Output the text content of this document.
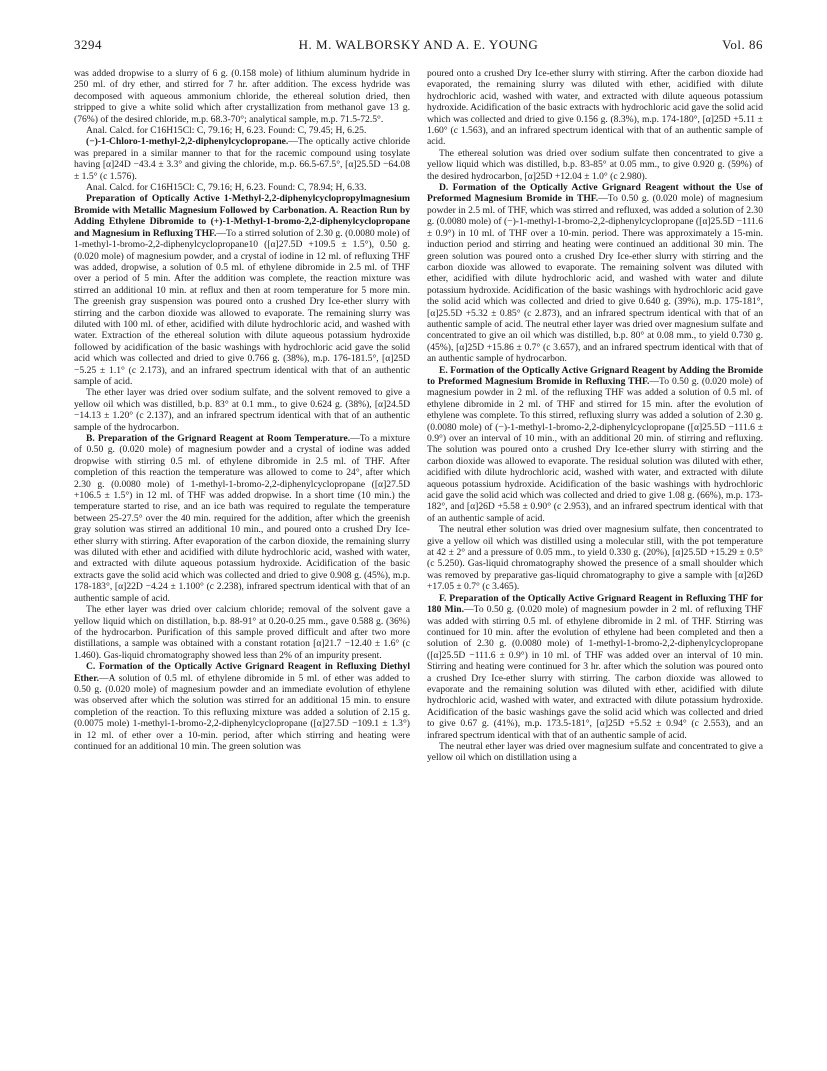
3294	H. M. WALBORSKY AND A. E. YOUNG	Vol. 86

was added dropwise to a slurry of 6 g. (0.158 mole) of lithium aluminum hydride in 250 ml. of dry ether, and stirred for 7 hr. after addition. The excess hydride was decomposed with aqueous ammonium chloride, the ethereal solution dried, then stripped to give a white solid which after crystallization from methanol gave 13 g. (76%) of the desired chloride, m.p. 68.3-70°; analytical sample, m.p. 71.5-72.5°.

Anal. Calcd. for C16H15Cl: C, 79.16; H, 6.23. Found: C, 79.45; H, 6.25.

(−)-1-Chloro-1-methyl-2,2-diphenylcyclopropane.—The optically active chloride was prepared in a similar manner to that for the racemic compound using tosylate having [α]24D −43.4 ± 3.3° and giving the chloride, m.p. 66.5-67.5°, [α]25.5D −64.08 ± 1.5° (c 1.576).

Anal. Calcd. for C16H15Cl: C, 79.16; H, 6.23. Found: C, 78.94; H, 6.33.

Preparation of Optically Active 1-Methyl-2,2-diphenylcyclopropylmagnesium Bromide with Metallic Magnesium Followed by Carbonation. A. Reaction Run by Adding Ethylene Dibromide to (+)-1-Methyl-1-bromo-2,2-diphenylcyclopropane and Magnesium in Refluxing THF.—To a stirred solution of 2.30 g. (0.0080 mole) of 1-methyl-1-bromo-2,2-diphenylcyclopropane10 ([α]27.5D +109.5 ± 1.5°), 0.50 g. (0.020 mole) of magnesium powder, and a crystal of iodine in 12 ml. of refluxing THF was added, dropwise, a solution of 0.5 ml. of ethylene dibromide in 2.5 ml. of THF over a period of 5 min. After the addition was complete, the reaction mixture was stirred an additional 10 min. at reflux and then at room temperature for 5 more min. The greenish gray suspension was poured onto a crushed Dry Ice-ether slurry with stirring and the carbon dioxide was allowed to evaporate. The remaining slurry was diluted with 100 ml. of ether, acidified with dilute hydrochloric acid, and washed with water. Extraction of the ethereal solution with dilute aqueous potassium hydroxide followed by acidification of the basic washings with hydrochloric acid gave the solid acid which was collected and dried to give 0.766 g. (38%), m.p. 176-181.5°, [α]25D −5.25 ± 1.1° (c 2.173), and an infrared spectrum identical with that of an authentic sample of acid.

The ether layer was dried over sodium sulfate, and the solvent removed to give a yellow oil which was distilled, b.p. 83° at 0.1 mm., to give 0.624 g. (38%), [α]24.5D −14.13 ± 1.20° (c 2.137), and an infrared spectrum identical with that of an authentic sample of the hydrocarbon.

B. Preparation of the Grignard Reagent at Room Temperature.—To a mixture of 0.50 g. (0.020 mole) of magnesium powder and a crystal of iodine was added dropwise with stirring 0.5 ml. of ethylene dibromide in 2.5 ml. of THF. After completion of this reaction the temperature was allowed to come to 24°, after which 2.30 g. (0.0080 mole) of 1-methyl-1-bromo-2,2-diphenylcyclopropane ([α]27.5D +106.5 ± 1.5°) in 12 ml. of THF was added dropwise. In a short time (10 min.) the temperature started to rise, and an ice bath was required to regulate the temperature between 25-27.5° over the 40 min. required for the addition, after which the greenish gray solution was stirred an additional 10 min., and poured onto a crushed Dry Ice-ether slurry with stirring. After evaporation of the carbon dioxide, the remaining slurry was diluted with ether and acidified with dilute hydrochloric acid, washed with water, and extracted with dilute aqueous potassium hydroxide. Acidification of the basic extracts gave the solid acid which was collected and dried to give 0.908 g. (45%), m.p. 178-183°, [α]22D −4.24 ± 1.100° (c 2.238), infrared spectrum identical with that of an authentic sample of acid.

The ether layer was dried over calcium chloride; removal of the solvent gave a yellow liquid which on distillation, b.p. 88-91° at 0.20-0.25 mm., gave 0.588 g. (36%) of the hydrocarbon. Purification of this sample proved difficult and after two more distillations, a sample was obtained with a constant rotation [α]21.7 −12.40 ± 1.6° (c 1.460). Gas-liquid chromatography showed less than 2% of an impurity present.

C. Formation of the Optically Active Grignard Reagent in Refluxing Diethyl Ether.—A solution of 0.5 ml. of ethylene dibromide in 5 ml. of ether was added to 0.50 g. (0.020 mole) of magnesium powder and an immediate evolution of ethylene was observed after which the solution was stirred for an additional 15 min. to ensure completion of the reaction. To this refluxing mixture was added a solution of 2.15 g. (0.0075 mole) 1-methyl-1-bromo-2,2-diphenylcyclopropane ([α]27.5D −109.1 ± 1.3°) in 12 ml. of ether over a 10-min. period, after which stirring and heating were continued for an additional 10 min. The green solution was

poured onto a crushed Dry Ice-ether slurry with stirring. After the carbon dioxide had evaporated, the remaining slurry was diluted with ether, acidified with dilute hydrochloric acid, washed with water, and extracted with dilute aqueous potassium hydroxide. Acidification of the basic extracts with hydrochloric acid gave the solid acid which was collected and dried to give 0.156 g. (8.3%), m.p. 174-180°, [α]25D +5.11 ± 1.60° (c 1.563), and an infrared spectrum identical with that of an authentic sample of acid.

The ethereal solution was dried over sodium sulfate then concentrated to give a yellow liquid which was distilled, b.p. 83-85° at 0.05 mm., to give 0.920 g. (59%) of the desired hydrocarbon, [α]25D +12.04 ± 1.0° (c 2.980).

D. Formation of the Optically Active Grignard Reagent without the Use of Preformed Magnesium Bromide in THF.—To 0.50 g. (0.020 mole) of magnesium powder in 2.5 ml. of THF, which was stirred and refluxed, was added a solution of 2.30 g. (0.0080 mole) of (−)-1-methyl-1-bromo-2,2-diphenylcyclopropane ([α]25.5D −111.6 ± 0.9°) in 10 ml. of THF over a 10-min. period. There was approximately a 15-min. induction period and stirring and heating were continued an additional 30 min. The green solution was poured onto a crushed Dry Ice-ether slurry with stirring and the carbon dioxide was allowed to evaporate. The remaining solvent was diluted with ether, acidified with dilute hydrochloric acid, and washed with water and dilute potassium hydroxide. Acidification of the basic washings with hydrochloric acid gave the solid acid which was collected and dried to give 0.640 g. (39%), m.p. 175-181°, [α]25.5D +5.32 ± 0.85° (c 2.873), and an infrared spectrum identical with that of an authentic sample of acid. The neutral ether layer was dried over magnesium sulfate and concentrated to give an oil which was distilled, b.p. 80° at 0.08 mm., to yield 0.730 g. (45%), [α]25D +15.86 ± 0.7° (c 3.657), and an infrared spectrum identical with that of an authentic sample of hydrocarbon.

E. Formation of the Optically Active Grignard Reagent by Adding the Bromide to Preformed Magnesium Bromide in Refluxing THF.—To 0.50 g. (0.020 mole) of magnesium powder in 2 ml. of the refluxing THF was added a solution of 0.5 ml. of ethylene dibromide in 2 ml. of THF and stirred for 15 min. after the evolution of ethylene was complete. To this stirred, refluxing slurry was added a solution of 2.30 g. (0.0080 mole) of (−)-1-methyl-1-bromo-2,2-diphenylcyclopropane ([α]25.5D −111.6 ± 0.9°) over an interval of 10 min., with an additional 20 min. of stirring and refluxing. The solution was poured onto a crushed Dry Ice-ether slurry with stirring and the carbon dioxide was allowed to evaporate. The residual solution was diluted with ether, acidified with dilute hydrochloric acid, washed with water, and extracted with dilute aqueous potassium hydroxide. Acidification of the basic washings with hydrochloric acid gave the solid acid which was collected and dried to give 1.08 g. (66%), m.p. 173-182°, and [α]26D +5.58 ± 0.90° (c 2.953), and an infrared spectrum identical with that of an authentic sample of acid.

The neutral ether solution was dried over magnesium sulfate, then concentrated to give a yellow oil which was distilled using a molecular still, with the pot temperature at 42 ± 2° and a pressure of 0.05 mm., to yield 0.330 g. (20%), [α]25.5D +15.29 ± 0.5° (c 5.250). Gas-liquid chromatography showed the presence of a small shoulder which was removed by preparative gas-liquid chromatography to give a sample with [α]26D +17.05 ± 0.7° (c 3.465).

F. Preparation of the Optically Active Grignard Reagent in Refluxing THF for 180 Min.—To 0.50 g. (0.020 mole) of magnesium powder in 2 ml. of refluxing THF was added with stirring 0.5 ml. of ethylene dibromide in 2 ml. of THF. Stirring was continued for 10 min. after the evolution of ethylene had been completed and then a solution of 2.30 g. (0.0080 mole) of 1-methyl-1-bromo-2,2-diphenylcyclopropane ([α]25.5D −111.6 ± 0.9°) in 10 ml. of THF was added over an interval of 10 min. Stirring and heating were continued for 3 hr. after which the solution was poured onto a crushed Dry Ice-ether slurry with stirring. The carbon dioxide was allowed to evaporate and the remaining solution was diluted with ether, acidified with dilute hydrochloric acid, washed with water, and extracted with dilute potassium hydroxide. Acidification of the basic washings gave the solid acid which was collected and dried to give 0.67 g. (41%), m.p. 173.5-181°, [α]25D +5.52 ± 0.94° (c 2.553), and an infrared spectrum identical with that of an authentic sample of acid.

The neutral ether layer was dried over magnesium sulfate and concentrated to give a yellow oil which on distillation using a
